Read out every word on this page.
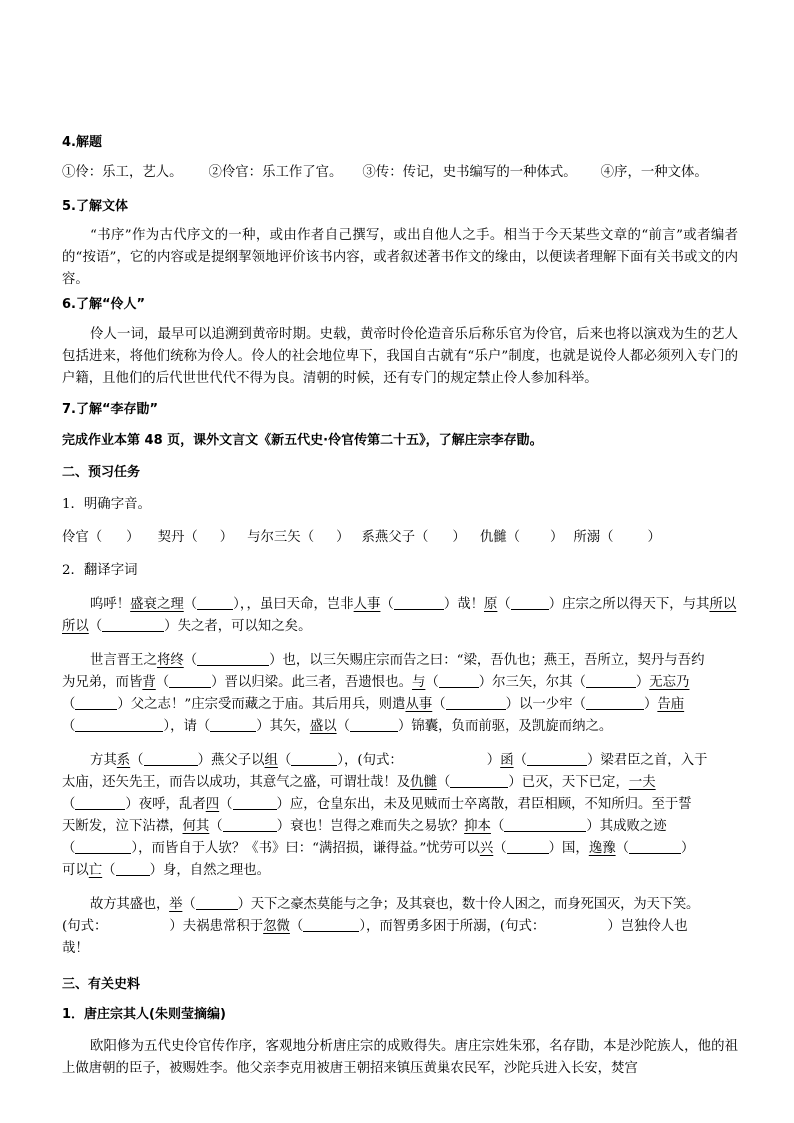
4.解题
①伶：乐工，艺人。 ②伶官：乐工作了官。 ③传：传记，史书编写的一种体式。 ④序，一种文体。
5.了解文体
“书序”作为古代序文的一种，或由作者自己撰写，或出自他人之手。相当于今天某些文章的“前言”或者编者的“按语”，它的内容或是提纲挈领地评价该书内容，或者叙述著书作文的缘由，以便读者理解下面有关书或文的内容。
6.了解“伶人”
伶人一词，最早可以追溯到黄帝时期。史载，黄帝时伶伦造音乐后称乐官为伶官，后来也将以演戏为生的艺人包括进来，将他们统称为伶人。伶人的社会地位卑下，我国自古就有“乐户”制度，也就是说伶人都必须列入专门的户籍，且他们的后代世世代代不得为良。清朝的时候，还有专门的规定禁止伶人参加科举。
7.了解“李存勖”
完成作业本第 48 页，课外文言文《新五代史·伶官传第二十五》，了解庄宗李存勖。
二、预习任务
1．明确字音。
伶官（ ） 契丹（ ） 与尔三矢（ ） 系燕父子（ ） 仇雠（ ） 所溺（	）
2．翻译字词
呜呼！盛衰之理（	），，虽曰天命，岂非人事（	）哉！原（	）庄宗之所以得天下，与其所以
所以（	）失之者，可以知之矣。
世言晋王之将终（	）也，以三矢赐庄宗而告之曰：“梁，吾仇也；燕王，吾所立，契丹与吾约
为兄弟，而皆背（	）晋以归梁。此三者，吾遗恨也。与（	）尔三矢，尔其（	）无忘乃
（	）父之志！”庄宗受而藏之于庙。其后用兵，则遣从事（	）以一少牢（	）告庙
（	），请（	）其矢，盛以（	）锦囊，负而前驱，及凯旋而纳之。
方其系（	）燕父子以组（	），(句式：	）函（	）梁君臣之首，入于
太庙，还矢先王，而告以成功，其意气之盛，可谓壮哉！及仇雠（	）已灭，天下已定，一夫
（	）夜呼，乱者四（	）应，仓皇东出，未及见贼而士卒离散，君臣相顾，不知所归。至于誓
天断发，泣下沾襟，何其（	）衰也！岂得之难而失之易欤？抑本（	）其成败之迹
（	），而皆自于人欤？《书》曰：“满招损，谦得益。”忧劳可以兴（	）国，逸豫（	）
可以亡（	）身，自然之理也。
故方其盛也，举（	）天下之豪杰莫能与之争；及其衰也，数十伶人困之，而身死国灭，为天下笑。
(句式：	）夫祸患常积于忽微（	），而智勇多困于所溺，(句式：	）岂独伶人也
哉！
三、有关史料
1．唐庄宗其人(朱则莹摘编)
欧阳修为五代史伶官传作序，客观地分析唐庄宗的成败得失。唐庄宗姓朱邪，名存勖，本是沙陀族人，他的祖上做唐朝的臣子，被赐姓李。他父亲李克用被唐王朝招来镇压黄巢农民军，沙陀兵进入长安，焚宫
